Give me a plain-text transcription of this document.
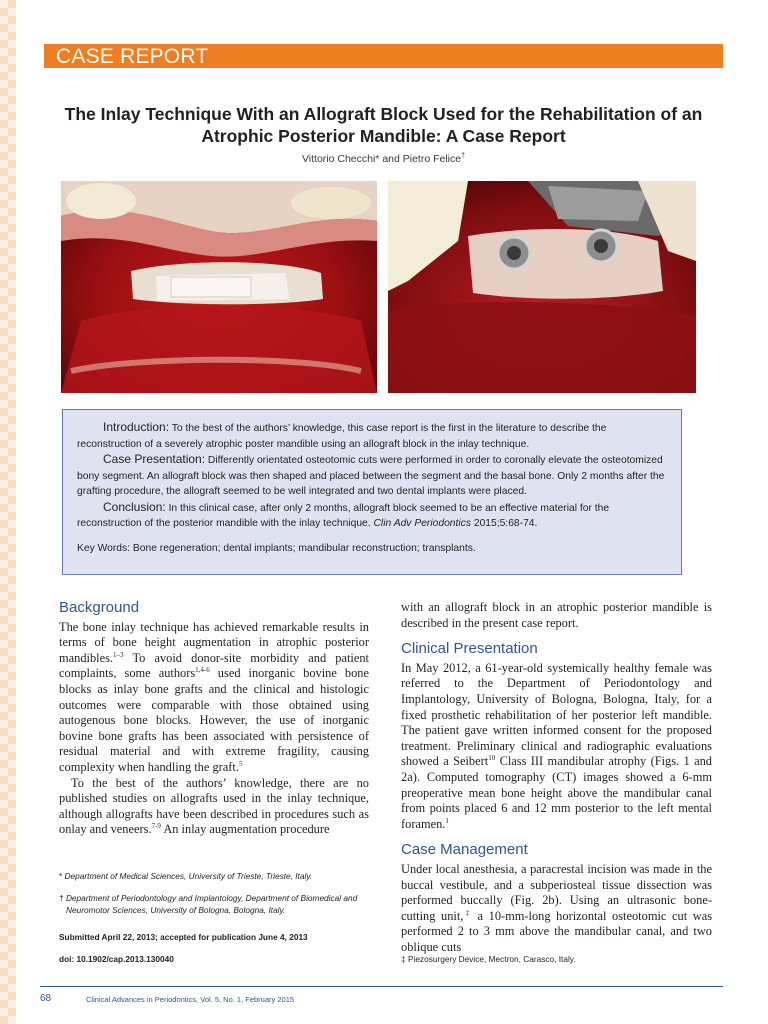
CASE REPORT
The Inlay Technique With an Allograft Block Used for the Rehabilitation of an Atrophic Posterior Mandible: A Case Report
Vittorio Checchi* and Pietro Felice†

Introduction: To the best of the authors’ knowledge, this case report is the first in the literature to describe the reconstruction of a severely atrophic poster mandible using an allograft block in the inlay technique.

Case Presentation: Differently orientated osteotomic cuts were performed in order to coronally elevate the osteotomized bony segment. An allograft block was then shaped and placed between the segment and the basal bone. Only 2 months after the grafting procedure, the allograft seemed to be well integrated and two dental implants were placed.

Conclusion: In this clinical case, after only 2 months, allograft block seemed to be an effective material for the reconstruction of the posterior mandible with the inlay technique. Clin Adv Periodontics 2015;5:68-74.

Key Words: Bone regeneration; dental implants; mandibular reconstruction; transplants.

Background

The bone inlay technique has achieved remarkable results in terms of bone height augmentation in atrophic posterior mandibles.$^{1-3}$ To avoid donor-site morbidity and patient complaints, some authors$^{1,4-6}$ used inorganic bovine bone blocks as inlay bone grafts and the clinical and histologic outcomes were comparable with those obtained using autogenous bone blocks. However, the use of inorganic bovine bone grafts has been associated with persistence of residual material and with extreme fragility, causing complexity when handling the graft.$^5$

To the best of the authors’ knowledge, there are no published studies on allografts used in the inlay technique, although allografts have been described in procedures such as onlay and veneers.$^{7-9}$ An inlay augmentation procedure

with an allograft block in an atrophic posterior mandible is described in the present case report.

Clinical Presentation

In May 2012, a 61-year-old systemically healthy female was referred to the Department of Periodontology and Implantology, University of Bologna, Bologna, Italy, for a fixed prosthetic rehabilitation of her posterior left mandible. The patient gave written informed consent for the proposed treatment. Preliminary clinical and radiographic evaluations showed a Seibert$^{10}$ Class III mandibular atrophy (Figs. 1 and 2a). Computed tomography (CT) images showed a 6-mm preoperative mean bone height above the mandibular canal from points placed 6 and 12 mm posterior to the left mental foramen.$^1$

Case Management

Under local anesthesia, a paracrestal incision was made in the buccal vestibule, and a subperiosteal tissue dissection was performed buccally (Fig. 2b). Using an ultrasonic bone-cutting unit,‡ a 10-mm-long horizontal osteotomic cut was performed 2 to 3 mm above the mandibular canal, and two oblique cuts

* Department of Medical Sciences, University of Trieste, Trieste, Italy.
† Department of Periodontology and Implantology, Department of Biomedical and Neuromotor Sciences, University of Bologna, Bologna, Italy.
Submitted April 22, 2013; accepted for publication June 4, 2013
doi: 10.1902/cap.2013.130040	‡ Piezosurgery Device, Mectron, Carasco, Italy.
68	Clinical Advances in Periodontics, Vol. 5, No. 1, February 2015
